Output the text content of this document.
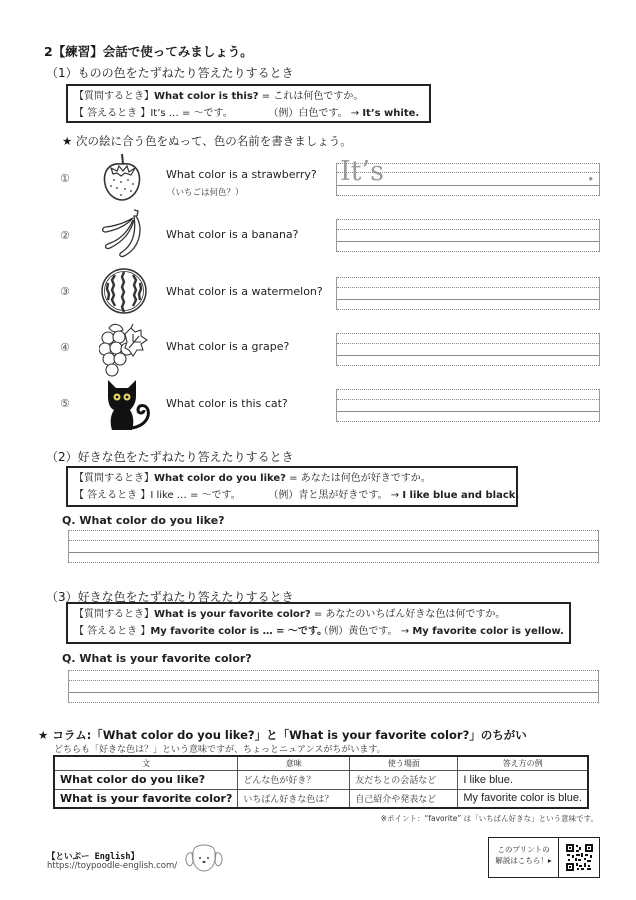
2【練習】会話で使ってみましょう。
（1）ものの色をたずねたり答えたりするとき
【質問するとき】What color is this? = これは何色ですか。
【 答えるとき 】It’s … = 〜です。	（例）白色です。 → It’s white.
★ 次の絵に合う色をぬって、色の名前を書きましょう。
①	What color is a strawberry?
（いちごは何色？）
It’s	.
②	What color is a banana?
③	What color is a watermelon?
④	What color is a grape?
⑤	What color is this cat?
（2）好きな色をたずねたり答えたりするとき
【質問するとき】What color do you like? = あなたは何色が好きですか。
【 答えるとき 】I like … = 〜です。	（例）青と黒が好きです。 → I like blue and black.
Q. What color do you like?
（3）好きな色をたずねたり答えたりするとき
【質問するとき】What is your favorite color? = あなたのいちばん好きな色は何ですか。
【 答えるとき 】My favorite color is … = 〜です。（例）黄色です。 → My favorite color is yellow.
Q. What is your favorite color?
★ コラム:「What color do you like?」と「What is your favorite color?」のちがい
どちらも「好きな色は？」という意味ですが、ちょっとニュアンスがちがいます。
文	意味	使う場面	答え方の例
What color do you like?	どんな色が好き？	友だちとの会話など	I like blue.
What is your favorite color?	いちばん好きな色は？	自己紹介や発表など	My favorite color is blue.
※ポイント：“favorite” は「いちばん好きな」という意味です。
【といぷー English】
https://toypoodle-english.com/
このプリントの
解説はこちら！▸
